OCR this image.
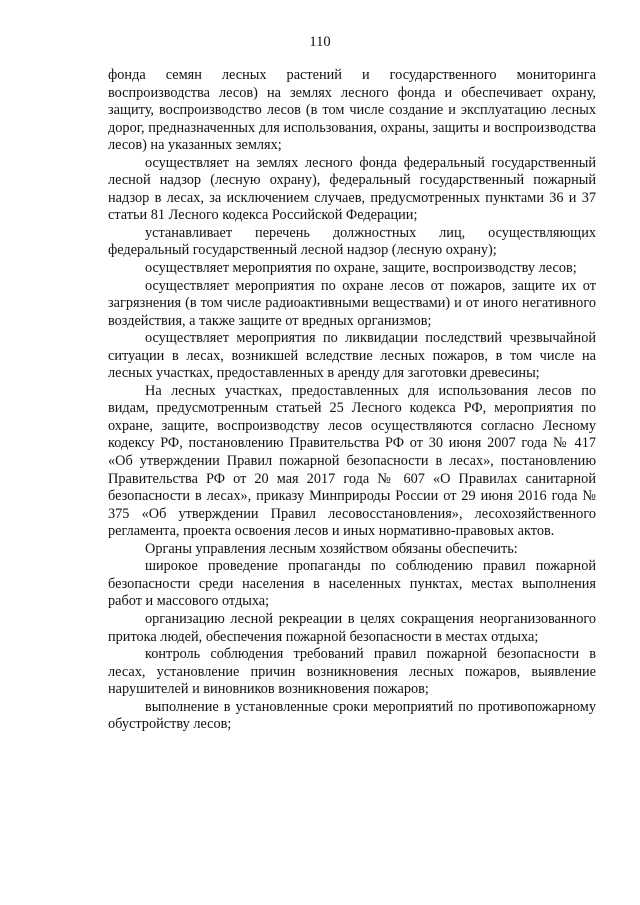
110

фонда семян лесных растений и государственного мониторинга воспроизводства лесов) на землях лесного фонда и обеспечивает охрану, защиту, воспроизводство лесов (в том числе создание и эксплуатацию лесных дорог, предназначенных для использования, охраны, защиты и воспроизводства лесов) на указанных землях;

осуществляет на землях лесного фонда федеральный государственный лесной надзор (лесную охрану), федеральный государственный пожарный надзор в лесах, за исключением случаев, предусмотренных пунктами 36 и 37 статьи 81 Лесного кодекса Российской Федерации;

устанавливает перечень должностных лиц, осуществляющих федеральный государственный лесной надзор (лесную охрану);

осуществляет мероприятия по охране, защите, воспроизводству лесов;

осуществляет мероприятия по охране лесов от пожаров, защите их от загрязнения (в том числе радиоактивными веществами) и от иного негативного воздействия, а также защите от вредных организмов;

осуществляет мероприятия по ликвидации последствий чрезвычайной ситуации в лесах, возникшей вследствие лесных пожаров, в том числе на лесных участках, предоставленных в аренду для заготовки древесины;

На лесных участках, предоставленных для использования лесов по видам, предусмотренным статьей 25 Лесного кодекса РФ, мероприятия по охране, защите, воспроизводству лесов осуществляются согласно Лесному кодексу РФ, постановлению Правительства РФ от 30 июня 2007 года № 417 «Об утверждении Правил пожарной безопасности в лесах», постановлению Правительства РФ от 20 мая 2017 года № 607 «О Правилах санитарной безопасности в лесах», приказу Минприроды России от 29 июня 2016 года № 375 «Об утверждении Правил лесовосстановления», лесохозяйственного регламента, проекта освоения лесов и иных нормативно-правовых актов.

Органы управления лесным хозяйством обязаны обеспечить:

широкое проведение пропаганды по соблюдению правил пожарной безопасности среди населения в населенных пунктах, местах выполнения работ и массового отдыха;

организацию лесной рекреации в целях сокращения неорганизованного притока людей, обеспечения пожарной безопасности в местах отдыха;

контроль соблюдения требований правил пожарной безопасности в лесах, установление причин возникновения лесных пожаров, выявление нарушителей и виновников возникновения пожаров;

выполнение в установленные сроки мероприятий по противопожарному обустройству лесов;
